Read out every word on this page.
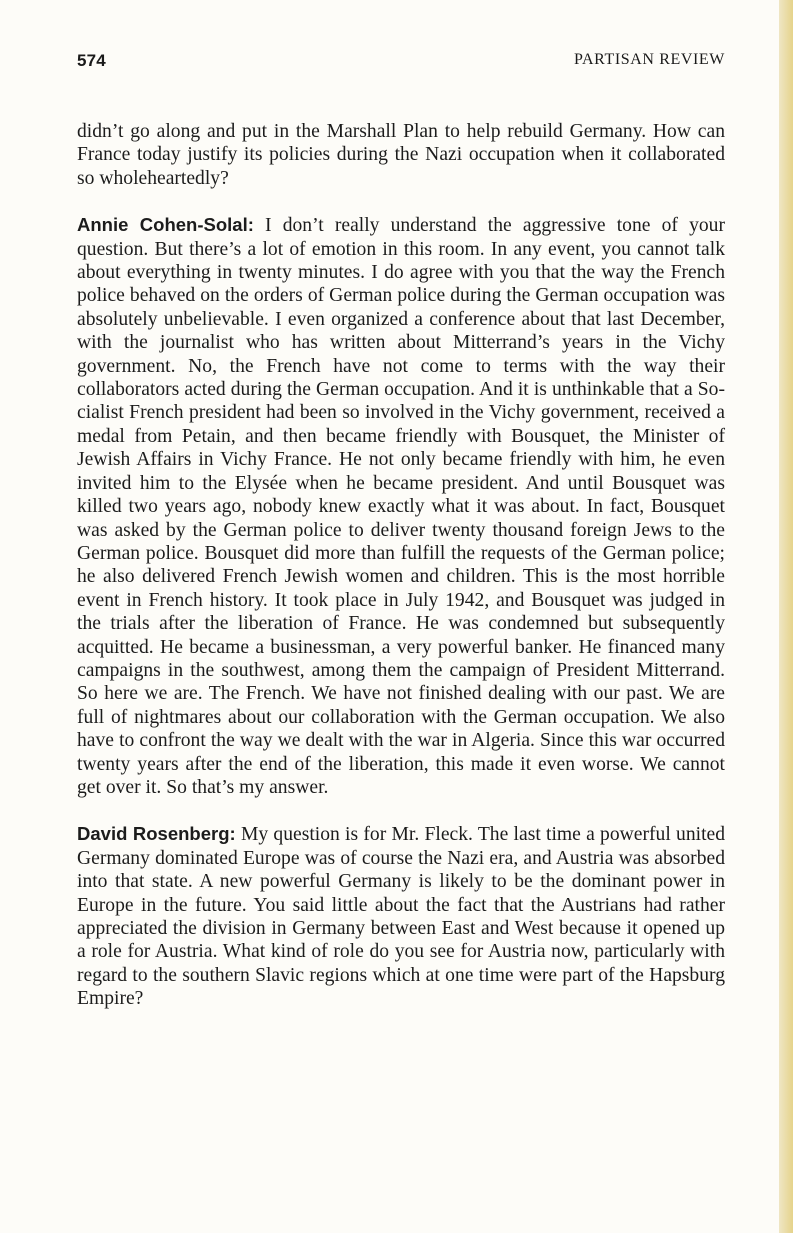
574	PARTISAN REVIEW

didn’t go along and put in the Marshall Plan to help rebuild Germany. How can France today justify its policies during the Nazi occupation when it collaborated so wholeheartedly?

Annie Cohen-Solal: I don’t really understand the aggressive tone of your question. But there’s a lot of emotion in this room. In any event, you cannot talk about everything in twenty minutes. I do agree with you that the way the French police behaved on the orders of German police during the German occupation was absolutely unbelievable. I even organized a conference about that last December, with the journalist who has written about Mitterrand’s years in the Vichy government. No, the French have not come to terms with the way their collaborators acted during the German occupation. And it is unthinkable that a Socialist French president had been so involved in the Vichy government, received a medal from Petain, and then became friendly with Bousquet, the Minister of Jewish Affairs in Vichy France. He not only became friendly with him, he even invited him to the Elysée when he became president. And until Bousquet was killed two years ago, nobody knew exactly what it was about. In fact, Bousquet was asked by the German police to deliver twenty thousand foreign Jews to the German police. Bousquet did more than fulfill the requests of the German police; he also delivered French Jewish women and children. This is the most horrible event in French history. It took place in July 1942, and Bousquet was judged in the trials after the liberation of France. He was condemned but subsequently acquitted. He became a businessman, a very powerful banker. He financed many campaigns in the southwest, among them the campaign of President Mitterrand. So here we are. The French. We have not finished dealing with our past. We are full of nightmares about our collaboration with the German occupation. We also have to confront the way we dealt with the war in Algeria. Since this war occurred twenty years after the end of the liberation, this made it even worse. We cannot get over it. So that’s my answer.

David Rosenberg: My question is for Mr. Fleck. The last time a powerful united Germany dominated Europe was of course the Nazi era, and Austria was absorbed into that state. A new powerful Germany is likely to be the dominant power in Europe in the future. You said little about the fact that the Austrians had rather appreciated the division in Germany between East and West because it opened up a role for Austria. What kind of role do you see for Austria now, particularly with regard to the southern Slavic regions which at one time were part of the Hapsburg Empire?
